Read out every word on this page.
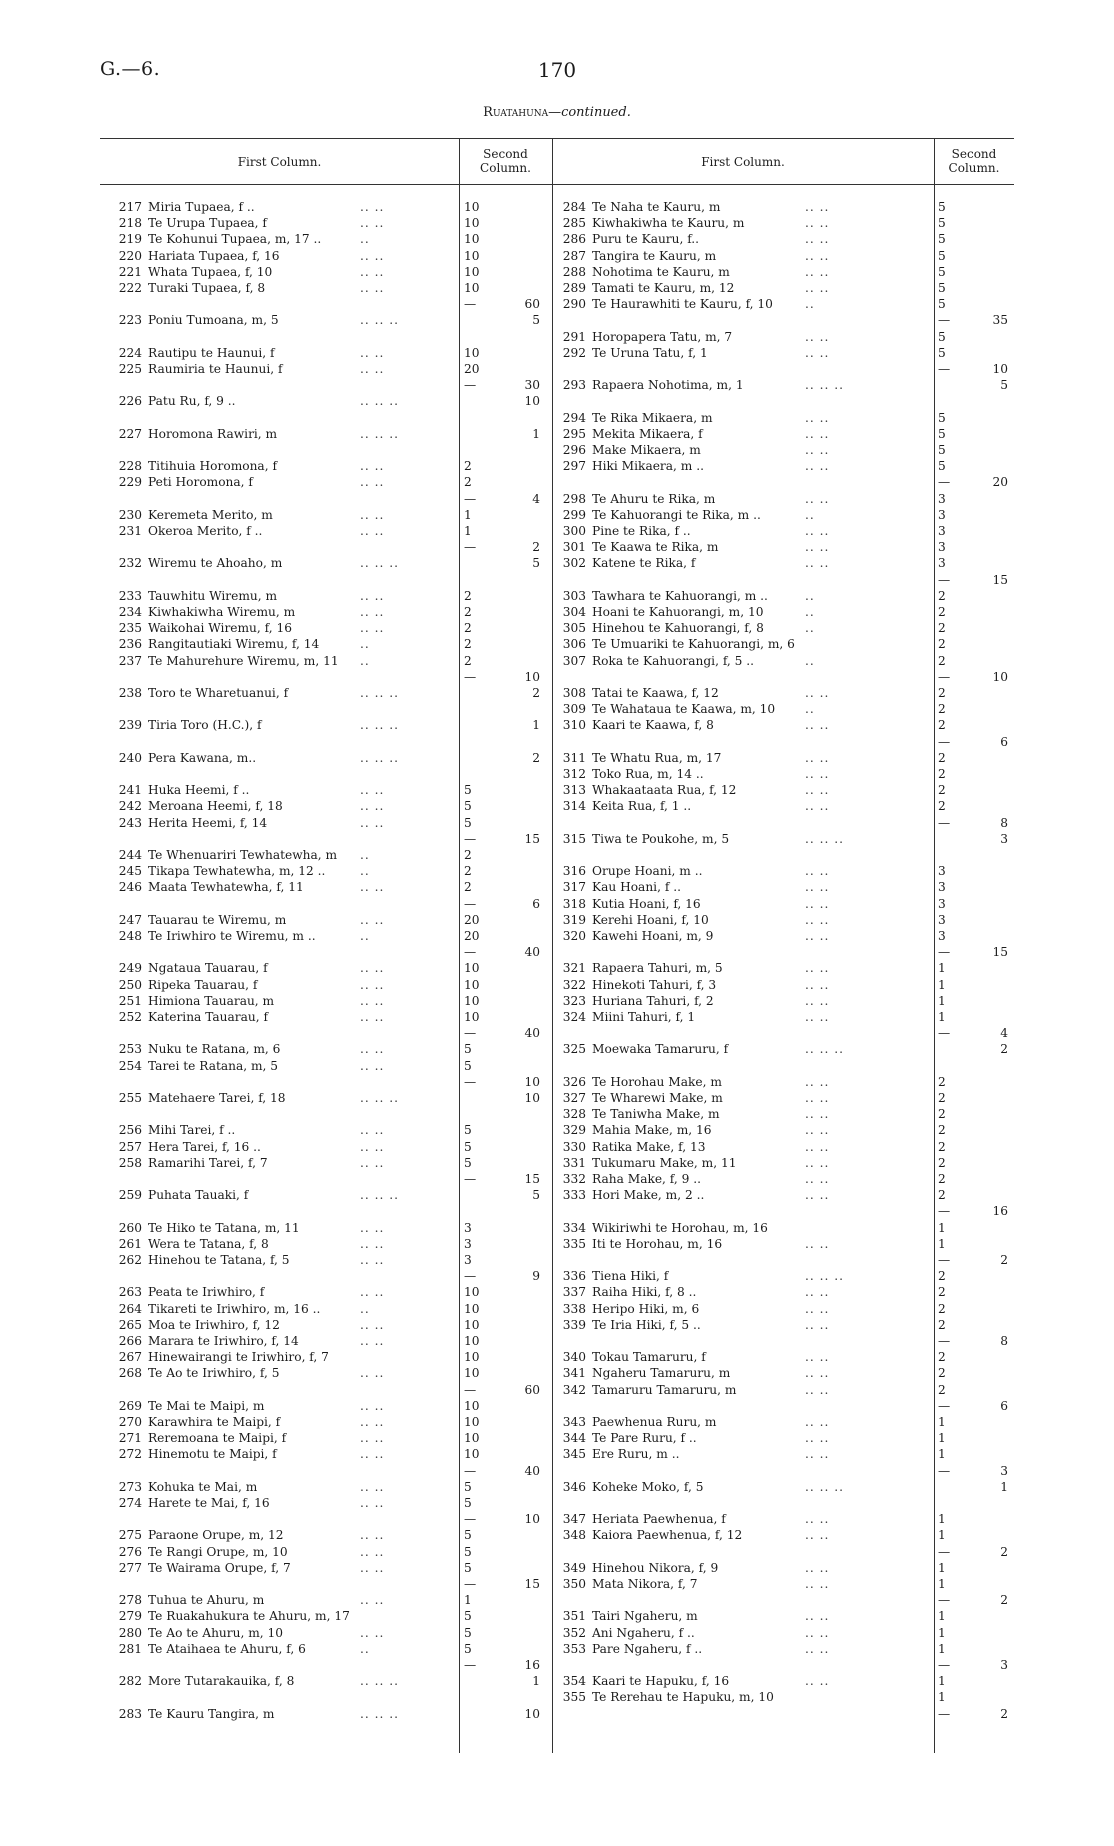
G.—6.	170
Ruatahuna—continued.
First Column.
Second
Column.	First Column.
Second
Column.
217 Miria Tupaea, f ..	.. ..	10
218 Te Urupa Tupaea, f	.. ..	10
219 Te Kohunui Tupaea, m, 17 ..	..	10
220 Hariata Tupaea, f, 16	.. ..	10
221 Whata Tupaea, f, 10	.. ..	10
222 Turaki Tupaea, f, 8	.. ..	10
—	60
223 Poniu Tumoana, m, 5	.. .. ..	5
224 Rautipu te Haunui, f	.. ..	10
225 Raumiria te Haunui, f	.. ..	20
—	30
226 Patu Ru, f, 9 ..	.. .. ..	10
227 Horomona Rawiri, m	.. .. ..	1
228 Titihuia Horomona, f	.. ..	2
229 Peti Horomona, f	.. ..	2
—	4
230 Keremeta Merito, m	.. ..	1
231 Okeroa Merito, f ..	.. ..	1
—	2
232 Wiremu te Ahoaho, m	.. .. ..	5
233 Tauwhitu Wiremu, m	.. ..	2
234 Kiwhakiwha Wiremu, m	.. ..	2
235 Waikohai Wiremu, f, 16	.. ..	2
236 Rangitautiaki Wiremu, f, 14	..	2
237 Te Mahurehure Wiremu, m, 11 ..	2
—	10
238 Toro te Wharetuanui, f	.. .. ..	2
239 Tiria Toro (H.C.), f	.. .. ..	1
240 Pera Kawana, m..	.. .. ..	2
241 Huka Heemi, f ..	.. ..	5
242 Meroana Heemi, f, 18	.. ..	5
243 Herita Heemi, f, 14	.. ..	5
—	15
244 Te Whenuariri Tewhatewha, m ..	2
245 Tikapa Tewhatewha, m, 12 ..	..	2
246 Maata Tewhatewha, f, 11	.. ..	2
—	6
247 Tauarau te Wiremu, m	.. ..	20
248 Te Iriwhiro te Wiremu, m ..	..	20
—	40
249 Ngataua Tauarau, f	.. ..	10
250 Ripeka Tauarau, f	.. ..	10
251 Himiona Tauarau, m	.. ..	10
252 Katerina Tauarau, f	.. ..	10
—	40
253 Nuku te Ratana, m, 6	.. ..	5
254 Tarei te Ratana, m, 5	.. ..	5
—	10
255 Matehaere Tarei, f, 18	.. .. ..	10
256 Mihi Tarei, f ..	.. ..	5
257 Hera Tarei, f, 16 ..	.. ..	5
258 Ramarihi Tarei, f, 7	.. ..	5
—	15
259 Puhata Tauaki, f	.. .. ..	5
260 Te Hiko te Tatana, m, 11	.. ..	3
261 Wera te Tatana, f, 8	.. ..	3
262 Hinehou te Tatana, f, 5	.. ..	3
—	9
263 Peata te Iriwhiro, f	.. ..	10
264 Tikareti te Iriwhiro, m, 16 ..	..	10
265 Moa te Iriwhiro, f, 12	.. ..	10
266 Marara te Iriwhiro, f, 14	.. ..	10
267 Hinewairangi te Iriwhiro, f, 7	10
268 Te Ao te Iriwhiro, f, 5	.. ..	10
—	60
269 Te Mai te Maipi, m	.. ..	10
270 Karawhira te Maipi, f	.. ..	10
271 Reremoana te Maipi, f	.. ..	10
272 Hinemotu te Maipi, f	.. ..	10
—	40
273 Kohuka te Mai, m	.. ..	5
274 Harete te Mai, f, 16	.. ..	5
—	10
275 Paraone Orupe, m, 12	.. ..	5
276 Te Rangi Orupe, m, 10	.. ..	5
277 Te Wairama Orupe, f, 7	.. ..	5
—	15
278 Tuhua te Ahuru, m	.. ..	1
279 Te Ruakahukura te Ahuru, m, 17	5
280 Te Ao te Ahuru, m, 10	.. ..	5
281 Te Ataihaea te Ahuru, f, 6	..	5
—	16
282 More Tutarakauika, f, 8	.. .. ..	1
283 Te Kauru Tangira, m	.. .. ..	10
284 Te Naha te Kauru, m	.. ..	5
285 Kiwhakiwha te Kauru, m	.. ..	5
286 Puru te Kauru, f..	.. ..	5
287 Tangira te Kauru, m	.. ..	5
288 Nohotima te Kauru, m	.. ..	5
289 Tamati te Kauru, m, 12	.. ..	5
290 Te Haurawhiti te Kauru, f, 10	..	5
—	35
291 Horopapera Tatu, m, 7	.. ..	5
292 Te Uruna Tatu, f, 1	.. ..	5
—	10
293 Rapaera Nohotima, m, 1	.. .. ..	5
294 Te Rika Mikaera, m	.. ..	5
295 Mekita Mikaera, f	.. ..	5
296 Make Mikaera, m	.. ..	5
297 Hiki Mikaera, m ..	.. ..	5
—	20
298 Te Ahuru te Rika, m	.. ..	3
299 Te Kahuorangi te Rika, m ..	..	3
300 Pine te Rika, f ..	.. ..	3
301 Te Kaawa te Rika, m	.. ..	3
302 Katene te Rika, f	.. ..	3
—	15
303 Tawhara te Kahuorangi, m ..	..	2
304 Hoani te Kahuorangi, m, 10	..	2
305 Hinehou te Kahuorangi, f, 8	..	2
306 Te Umuariki te Kahuorangi, m, 6	2
307 Roka te Kahuorangi, f, 5 ..	..	2
—	10
308 Tatai te Kaawa, f, 12	.. ..	2
309 Te Wahataua te Kaawa, m, 10 ..	2
310 Kaari te Kaawa, f, 8	.. ..	2
—	6
311 Te Whatu Rua, m, 17	.. ..	2
312 Toko Rua, m, 14 ..	.. ..	2
313 Whakaataata Rua, f, 12	.. ..	2
314 Keita Rua, f, 1 ..	.. ..	2
—	8
315 Tiwa te Poukohe, m, 5	.. .. ..	3
316 Orupe Hoani, m ..	.. ..	3
317 Kau Hoani, f ..	.. ..	3
318 Kutia Hoani, f, 16	.. ..	3
319 Kerehi Hoani, f, 10	.. ..	3
320 Kawehi Hoani, m, 9	.. ..	3
—	15
321 Rapaera Tahuri, m, 5	.. ..	1
322 Hinekoti Tahuri, f, 3	.. ..	1
323 Huriana Tahuri, f, 2	.. ..	1
324 Miini Tahuri, f, 1	.. ..	1
—	4
325 Moewaka Tamaruru, f	.. .. ..	2
326 Te Horohau Make, m	.. ..	2
327 Te Wharewi Make, m	.. ..	2
328 Te Taniwha Make, m	.. ..	2
329 Mahia Make, m, 16	.. ..	2
330 Ratika Make, f, 13	.. ..	2
331 Tukumaru Make, m, 11	.. ..	2
332 Raha Make, f, 9 ..	.. ..	2
333 Hori Make, m, 2 ..	.. ..	2
—	16
334 Wikiriwhi te Horohau, m, 16	1
335 Iti te Horohau, m, 16	.. ..	1
—	2
336 Tiena Hiki, f	.. .. ..	2
337 Raiha Hiki, f, 8 ..	.. ..	2
338 Heripo Hiki, m, 6	.. ..	2
339 Te Iria Hiki, f, 5 ..	.. ..	2
—	8
340 Tokau Tamaruru, f	.. ..	2
341 Ngaheru Tamaruru, m	.. ..	2
342 Tamaruru Tamaruru, m	.. ..	2
—	6
343 Paewhenua Ruru, m	.. ..	1
344 Te Pare Ruru, f ..	.. ..	1
345 Ere Ruru, m ..	.. ..	1
—	3
346 Koheke Moko, f, 5	.. .. ..	1
347 Heriata Paewhenua, f	.. ..	1
348 Kaiora Paewhenua, f, 12	.. ..	1
—	2
349 Hinehou Nikora, f, 9	.. ..	1
350 Mata Nikora, f, 7	.. ..	1
—	2
351 Tairi Ngaheru, m	.. ..	1
352 Ani Ngaheru, f ..	.. ..	1
353 Pare Ngaheru, f ..	.. ..	1
—	3
354 Kaari te Hapuku, f, 16	.. ..	1
355 Te Rerehau te Hapuku, m, 10	1
—	2
